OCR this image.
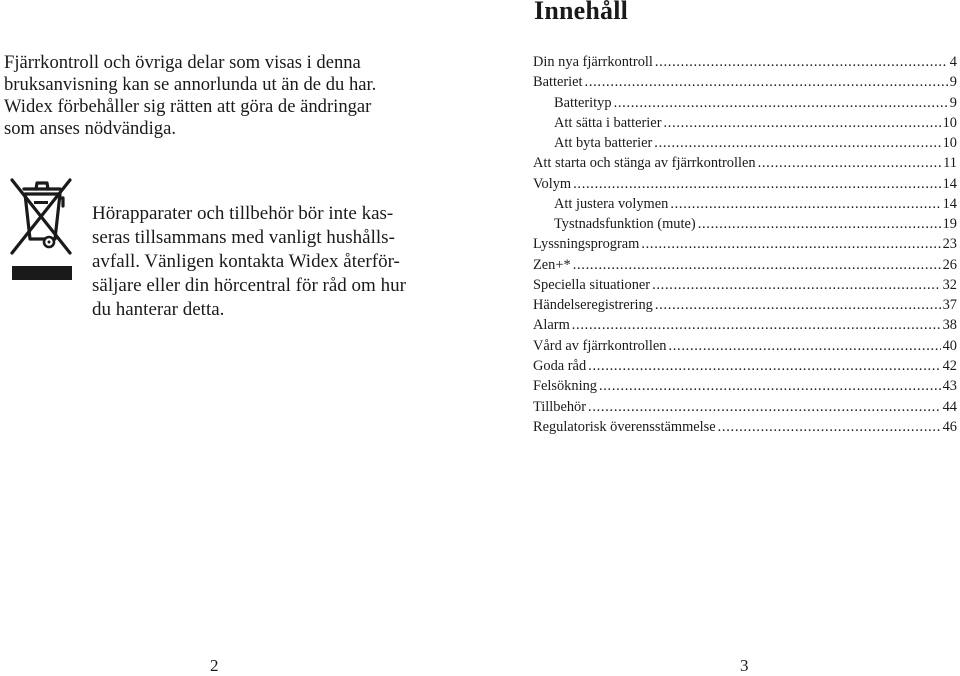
Fjärrkontroll och övriga delar som visas i denna
bruksanvisning kan se annorlunda ut än de du har.
Widex förbehåller sig rätten att göra de ändringar
som anses nödvändiga.

Hörapparater och tillbehör bör inte kas-
seras tillsammans med vanligt hushålls-
avfall. Vänligen kontakta Widex återför-
säljare eller din hörcentral för råd om hur
du hanterar detta.

2
Innehåll
Din nya fjärrkontroll . . .	4
Batteriet . . .	9
Batterityp . . .	9
Att sätta i batterier . . .	10
Att byta batterier . . .	10
Att starta och stänga av fjärrkontrollen . . .	11
Volym . . .	14
Att justera volymen . . .	14
Tystnadsfunktion (mute) . . .	19
Lyssningsprogram . . .	23
Zen+* . . .	26
Speciella situationer . . .	32
Händelseregistrering . . .	37
Alarm . . .	38
Vård av fjärrkontrollen . . .	40
Goda råd . . .	42
Felsökning . . .	43
Tillbehör . . .	44
Regulatorisk överensstämmelse . . .	46
3
